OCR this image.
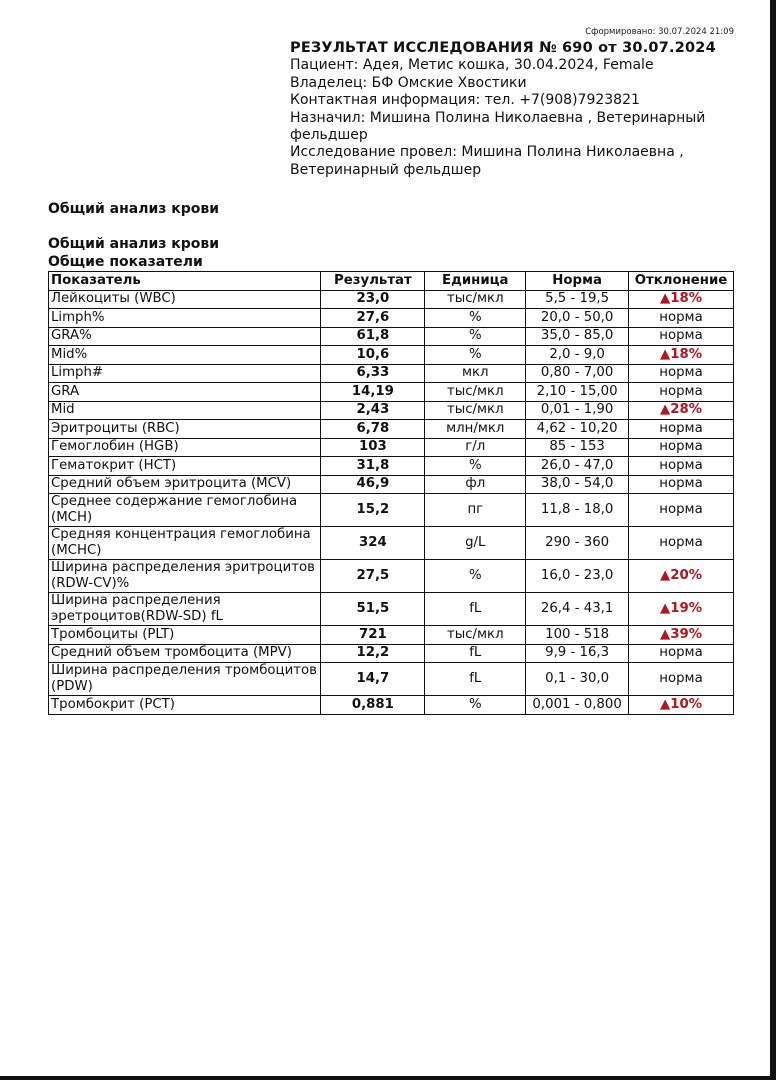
Сформировано: 30.07.2024 21:09
РЕЗУЛЬТАТ ИССЛЕДОВАНИЯ № 690 от 30.07.2024
Пациент: Адея, Метис кошка, 30.04.2024, Female
Владелец: БФ Омские Хвостики
Контактная информация: тел. +7(908)7923821
Назначил: Мишина Полина Николаевна , Ветеринарный фельдшер
Исследование провел: Мишина Полина Николаевна , Ветеринарный фельдшер
Общий анализ крови
Общий анализ крови
Общие показатели
Показатель	Результат	Единица	Норма	Отклонение
Лейкоциты (WBC)	23,0	тыс/мкл	5,5 - 19,5	▲18%
Limph%	27,6	%	20,0 - 50,0	норма
GRA%	61,8	%	35,0 - 85,0	норма
Mid%	10,6	%	2,0 - 9,0	▲18%
Limph#	6,33	мкл	0,80 - 7,00	норма
GRA	14,19	тыс/мкл	2,10 - 15,00	норма
Mid	2,43	тыс/мкл	0,01 - 1,90	▲28%
Эритроциты (RBC)	6,78	млн/мкл	4,62 - 10,20	норма
Гемоглобин (HGB)	103	г/л	85 - 153	норма
Гематокрит (HCT)	31,8	%	26,0 - 47,0	норма
Средний объем эритроцита (MCV)	46,9	фл	38,0 - 54,0	норма
Среднее содержание гемоглобина (MCH)	15,2	пг	11,8 - 18,0	норма
Средняя концентрация гемоглобина (MCHC)	324	g/L	290 - 360	норма
Ширина распределения эритроцитов (RDW-CV)%	27,5	%	16,0 - 23,0	▲20%
Ширина распределения эретроцитов(RDW-SD) fL	51,5	fL	26,4 - 43,1	▲19%
Тромбоциты (PLT)	721	тыс/мкл	100 - 518	▲39%
Средний объем тромбоцита (MPV)	12,2	fL	9,9 - 16,3	норма
Ширина распределения тромбоцитов (PDW)	14,7	fL	0,1 - 30,0	норма
Тромбокрит (PCT)	0,881	%	0,001 - 0,800	▲10%
